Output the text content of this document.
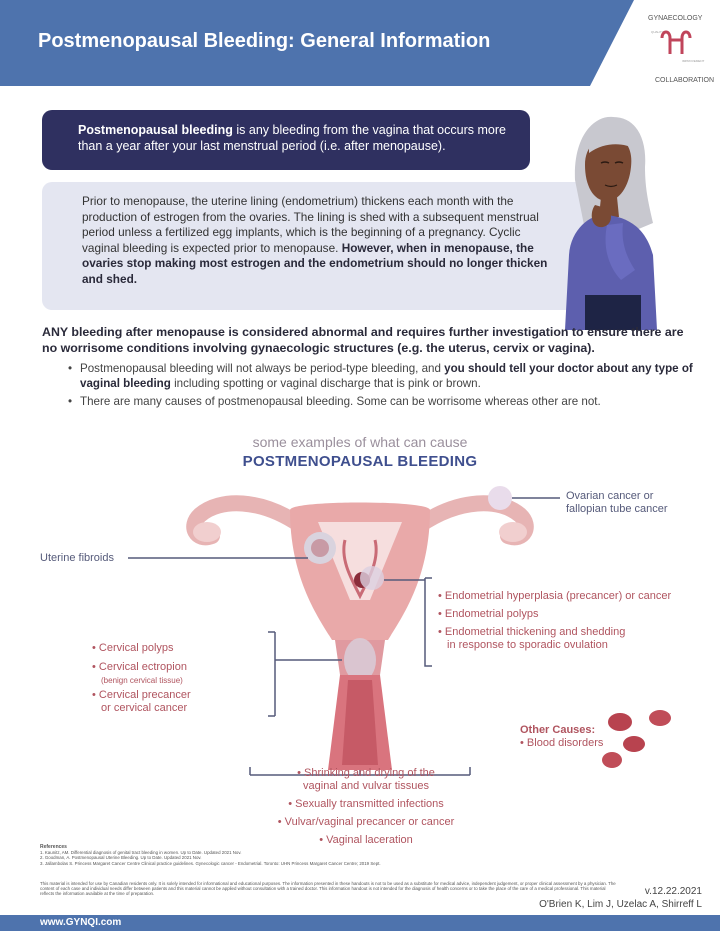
Postmenopausal Bleeding: General Information
GYNAECOLOGY
COLLABORATION
QUALITY
IMPROVEMENT
Postmenopausal bleeding is any bleeding from the vagina that occurs more than a year after your last menstrual period (i.e. after menopause).
Prior to menopause, the uterine lining (endometrium) thickens each month with the production of estrogen from the ovaries. The lining is shed with a subsequent menstrual period unless a fertilized egg implants, which is the beginning of a pregnancy. Cyclic vaginal bleeding is expected prior to menopause. However, when in menopause, the ovaries stop making most estrogen and the endometrium should no longer thicken and shed.
ANY bleeding after menopause is considered abnormal and requires further investigation to ensure there are no worrisome conditions involving gynaecologic structures (e.g. the uterus, cervix or vagina).
• Postmenopausal bleeding will not always be period-type bleeding, and you should tell your doctor about any type of vaginal bleeding including spotting or vaginal discharge that is pink or brown.
• There are many causes of postmenopausal bleeding. Some can be worrisome whereas other are not.
some examples of what can cause
POSTMENOPAUSAL BLEEDING
Ovarian cancer or
fallopian tube cancer
Uterine fibroids
• Endometrial hyperplasia (precancer) or cancer
• Endometrial polyps
• Endometrial thickening and shedding
in response to sporadic ovulation
• Cervical polyps
• Cervical ectropion
(benign cervical tissue)
• Cervical precancer
or cervical cancer
Other Causes:
• Blood disorders
• Shrinking and drying of the
vaginal and vulvar tissues
• Sexually transmitted infections
• Vulvar/vaginal precancer or cancer
• Vaginal laceration
References
1. Kaunitz, AM. Differential diagnosis of genital tract bleeding in women. Up to Date. Updated 2021 Nov.
2. Goodman, A. Postmenopausal Uterine Bleeding. Up to Date. Updated 2021 Nov.
3. Jallambolas S. Princess Margaret Cancer Centre Clinical practice guidelines. Gynecologic cancer - Endometrial. Toronto: UHN Princess Margaret Cancer Centre; 2019 Sept.
This material is intended for use by Canadian residents only. It is solely intended for informational and educational purposes. The information presented in these handouts is not to be used as a substitute for medical advice, independent judgement, or proper clinical assessment by a physician. The content of each case and individual needs differ between patients and this material cannot be applied without consultation with a trained doctor. This information handout is not intended for the diagnosis of health concerns or to take the place of the care of a medical professional. This material reflects the information available at the time of preparation.	v.12.22.2021
O'Brien K, Lim J, Uzelac A, Shirreff L
www.GYNQI.com
